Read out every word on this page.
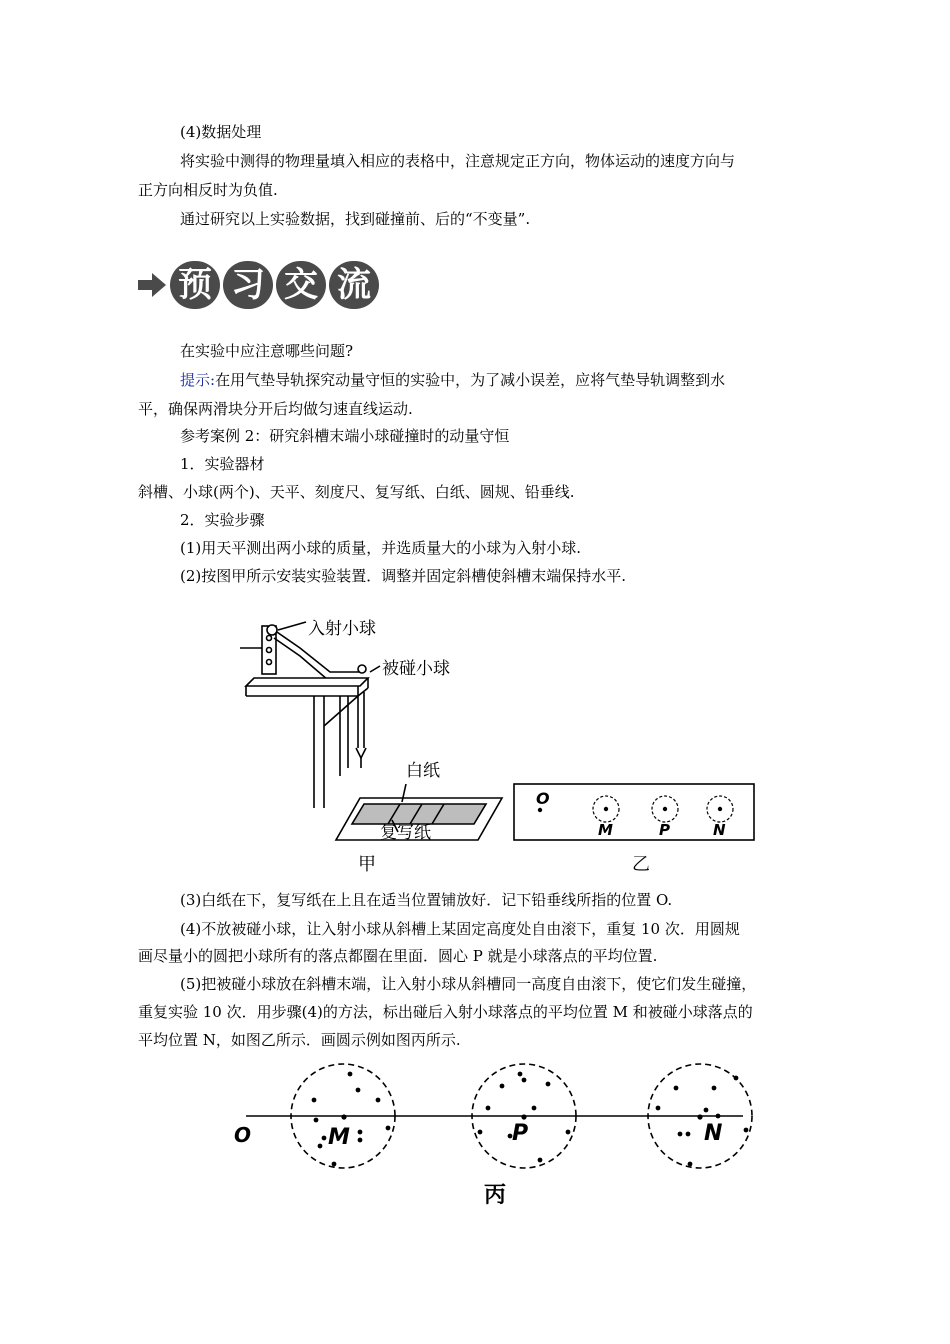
(4)数据处理
将实验中测得的物理量填入相应的表格中，注意规定正方向，物体运动的速度方向与
正方向相反时为负值.
通过研究以上实验数据，找到碰撞前、后的“不变量”.
预 习 交 流
在实验中应注意哪些问题?
提示:在用气垫导轨探究动量守恒的实验中，为了减小误差，应将气垫导轨调整到水
平，确保两滑块分开后均做匀速直线运动.
参考案例 2：研究斜槽末端小球碰撞时的动量守恒
1．实验器材
斜槽、小球(两个)、天平、刻度尺、复写纸、白纸、圆规、铅垂线.
2．实验步骤
(1)用天平测出两小球的质量，并选质量大的小球为入射小球.
(2)按图甲所示安装实验装置．调整并固定斜槽使斜槽末端保持水平.
入射小球
被碰小球
白纸
复写纸
甲
O
M	P	N
乙
(3)白纸在下，复写纸在上且在适当位置铺放好．记下铅垂线所指的位置 O.
(4)不放被碰小球，让入射小球从斜槽上某固定高度处自由滚下，重复 10 次．用圆规
画尽量小的圆把小球所有的落点都圈在里面．圆心 P 就是小球落点的平均位置.
(5)把被碰小球放在斜槽末端，让入射小球从斜槽同一高度自由滚下，使它们发生碰撞，
重复实验 10 次．用步骤(4)的方法，标出碰后入射小球落点的平均位置 M 和被碰小球落点的
平均位置 N，如图乙所示．画圆示例如图丙所示.
O	M	P	N
丙
